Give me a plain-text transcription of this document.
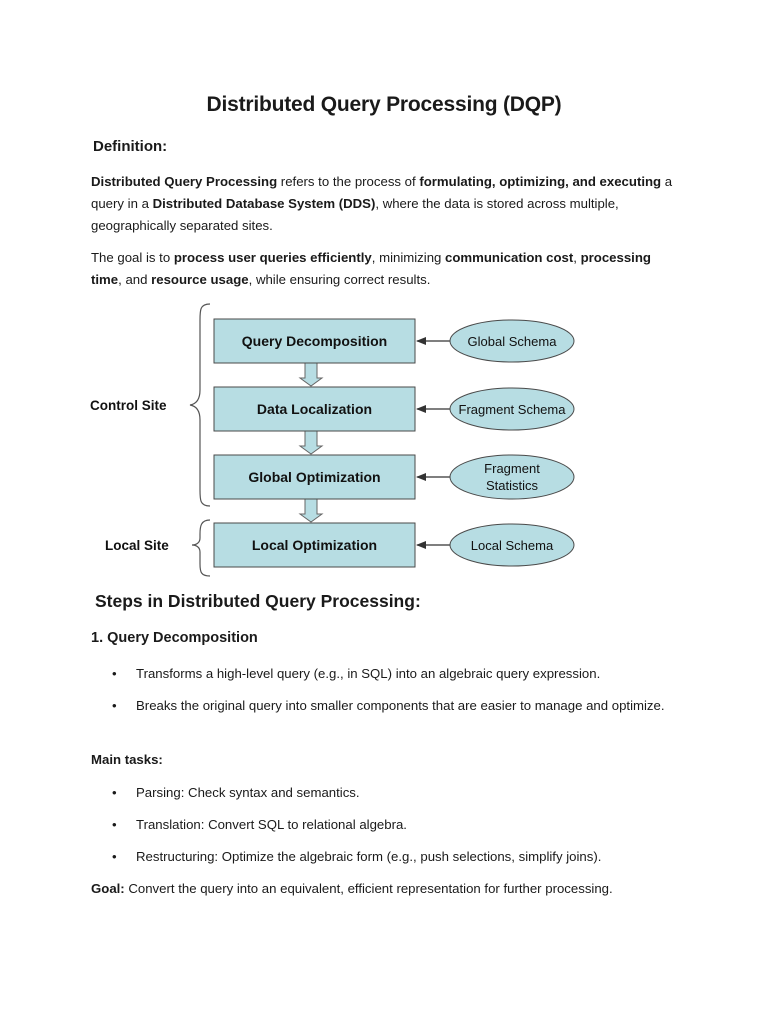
Distributed Query Processing (DQP)
Definition:

Distributed Query Processing refers to the process of formulating, optimizing, and executing a query in a Distributed Database System (DDS), where the data is stored across multiple, geographically separated sites.

The goal is to process user queries efficiently, minimizing communication cost, processing time, and resource usage, while ensuring correct results.

Control Site
Local Site
Query Decomposition
Data Localization
Global Optimization
Local Optimization
Global Schema
Fragment Schema
Fragment
Statistics
Local Schema
Steps in Distributed Query Processing:
1. Query Decomposition
• Transforms a high-level query (e.g., in SQL) into an algebraic query expression.
• Breaks the original query into smaller components that are easier to manage and optimize.

Main tasks:

• Parsing: Check syntax and semantics.
• Translation: Convert SQL to relational algebra.
• Restructuring: Optimize the algebraic form (e.g., push selections, simplify joins).

Goal: Convert the query into an equivalent, efficient representation for further processing.
